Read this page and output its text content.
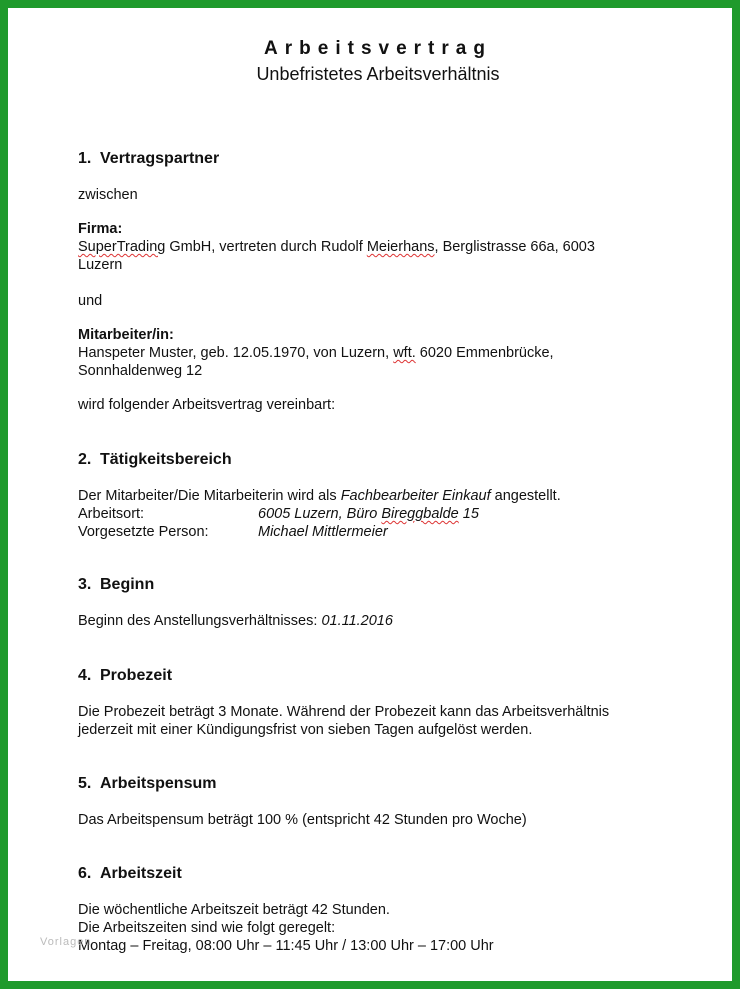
Arbeitsvertrag
Unbefristetes Arbeitsverhältnis
1. Vertragspartner
zwischen
Firma:
SuperTrading GmbH, vertreten durch Rudolf Meierhans, Berglistrasse 66a, 6003
Luzern
und
Mitarbeiter/in:
Hanspeter Muster, geb. 12.05.1970, von Luzern, wft. 6020 Emmenbrücke,
Sonnhaldenweg 12
wird folgender Arbeitsvertrag vereinbart:
2. Tätigkeitsbereich
Der Mitarbeiter/Die Mitarbeiterin wird als Fachbearbeiter Einkauf angestellt.
Arbeitsort:	6005 Luzern, Büro Bireggbalde 15
Vorgesetzte Person:	Michael Mittlermeier
3. Beginn
Beginn des Anstellungsverhältnisses: 01.11.2016
4. Probezeit
Die Probezeit beträgt 3 Monate. Während der Probezeit kann das Arbeitsverhältnis
jederzeit mit einer Kündigungsfrist von sieben Tagen aufgelöst werden.
5. Arbeitspensum
Das Arbeitspensum beträgt 100 % (entspricht 42 Stunden pro Woche)
6. Arbeitszeit
Die wöchentliche Arbeitszeit beträgt 42 Stunden.
Die Arbeitszeiten sind wie folgt geregelt:
Montag – Freitag, 08:00 Uhr – 11:45 Uhr / 13:00 Uhr – 17:00 Uhr
Vorlagen
